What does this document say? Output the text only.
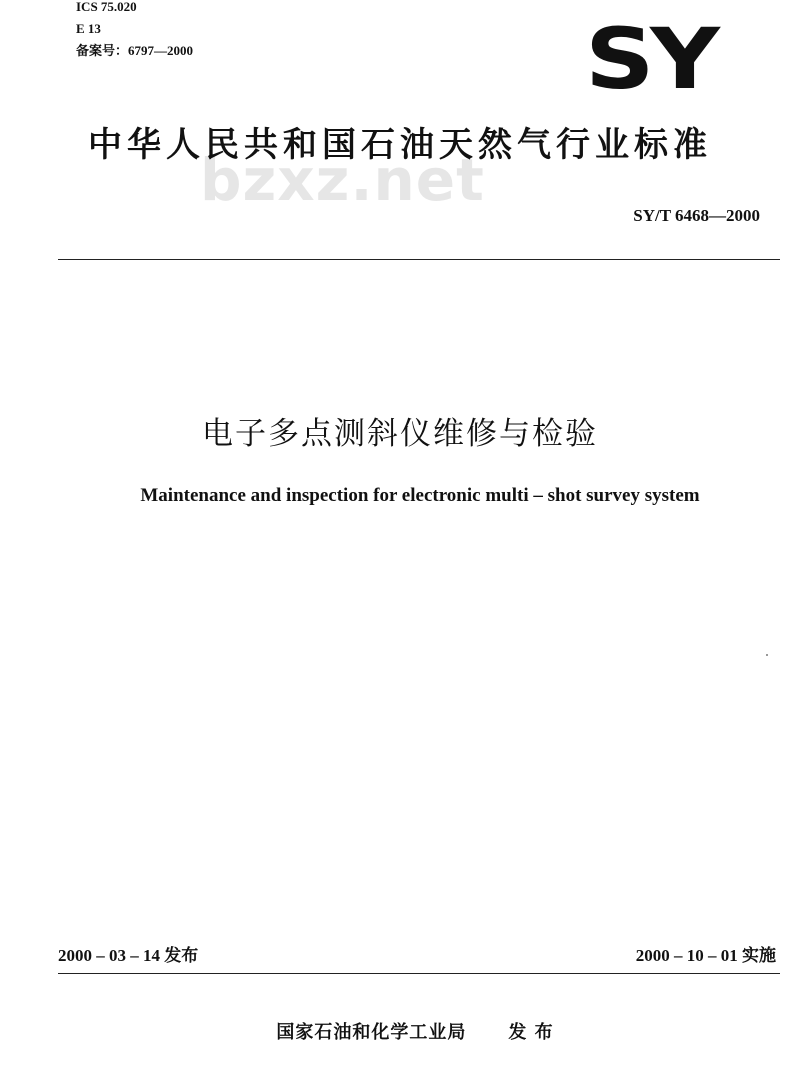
ICS 75.020
E 13
备案号：6797—2000	SY
bzxz.net
中华人民共和国石油天然气行业标准
SY/T 6468—2000
电子多点测斜仪维修与检验
Maintenance and inspection for electronic multi – shot survey system
2000 – 03 – 14 发布	2000 – 10 – 01 实施
国家石油和化学工业局 发 布
